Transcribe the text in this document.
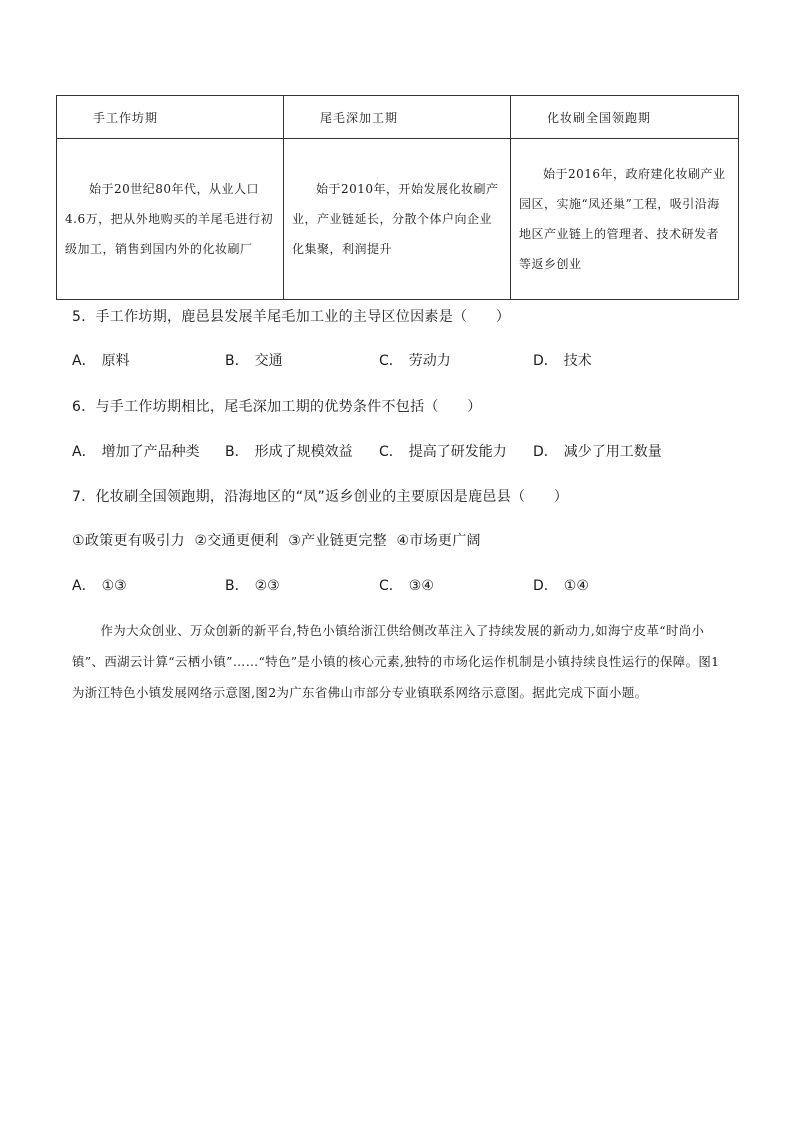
手工作坊期	尾毛深加工期	化妆刷全国领跑期
始于20世纪80年代，从业人口4.6万，把从外地购买的羊尾毛进行初级加工，销售到国内外的化妆刷厂	始于2010年，开始发展化妆刷产业，产业链延长，分散个体户向企业化集聚，利润提升	始于2016年，政府建化妆刷产业园区，实施“凤还巢”工程，吸引沿海地区产业链上的管理者、技术研发者等返乡创业
5．手工作坊期，鹿邑县发展羊尾毛加工业的主导区位因素是（　　）
A． 原料	B． 交通	C． 劳动力	D． 技术
6．与手工作坊期相比，尾毛深加工期的优势条件不包括（　　）
A． 增加了产品种类 B． 形成了规模效益 C． 提高了研发能力 D． 减少了用工数量
7．化妆刷全国领跑期，沿海地区的“凤”返乡创业的主要原因是鹿邑县（　　）
①政策更有吸引力  ②交通更便利  ③产业链更完整  ④市场更广阔
A． ①③	B． ②③	C． ③④	D． ①④
作为大众创业、万众创新的新平台,特色小镇给浙江供给侧改革注入了持续发展的新动力,如海宁皮革“时尚小镇”、西湖云计算“云栖小镇”……“特色”是小镇的核心元素,独特的市场化运作机制是小镇持续良性运行的保障。图1为浙江特色小镇发展网络示意图,图2为广东省佛山市部分专业镇联系网络示意图。据此完成下面小题。
